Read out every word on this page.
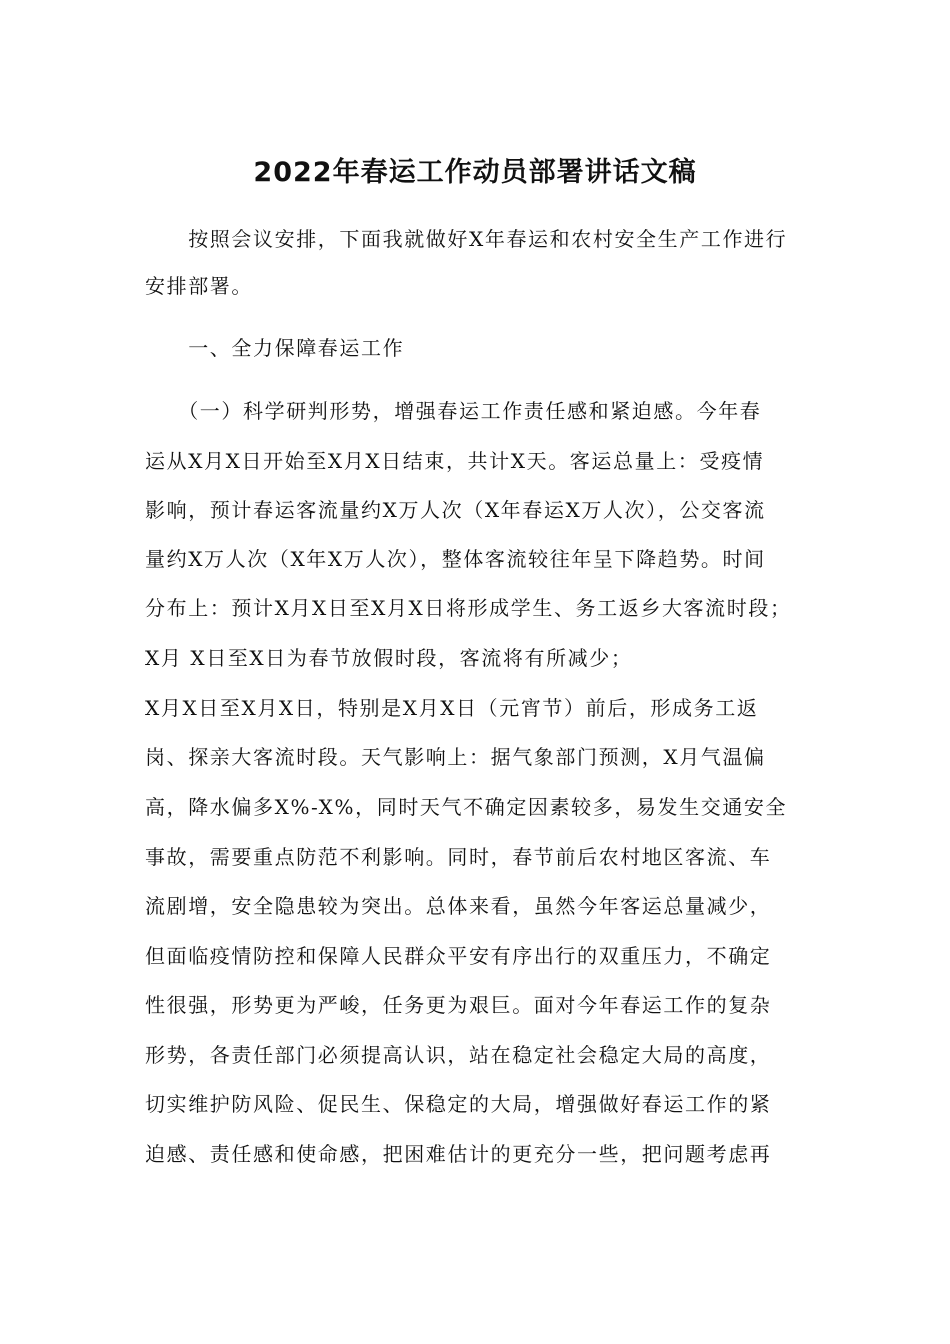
2022年春运工作动员部署讲话文稿

　　按照会议安排，下面我就做好X年春运和农村安全生产工作进行

安排部署。

　　一、全力保障春运工作

　　（一）科学研判形势，增强春运工作责任感和紧迫感。今年春

运从X月X日开始至X月X日结束，共计X天。客运总量上：受疫情

影响，预计春运客流量约X万人次（X年春运X万人次），公交客流

量约X万人次（X年X万人次），整体客流较往年呈下降趋势。时间

分布上：预计X月X日至X月X日将形成学生、务工返乡大客流时段；

X月 X日至X日为春节放假时段，客流将有所减少；

X月X日至X月X日，特别是X月X日（元宵节）前后，形成务工返

岗、探亲大客流时段。天气影响上：据气象部门预测，X月气温偏

高，降水偏多X%-X%，同时天气不确定因素较多，易发生交通安全

事故，需要重点防范不利影响。同时，春节前后农村地区客流、车

流剧增，安全隐患较为突出。总体来看，虽然今年客运总量减少，

但面临疫情防控和保障人民群众平安有序出行的双重压力，不确定

性很强，形势更为严峻，任务更为艰巨。面对今年春运工作的复杂

形势，各责任部门必须提高认识，站在稳定社会稳定大局的高度，

切实维护防风险、促民生、保稳定的大局，增强做好春运工作的紧

迫感、责任感和使命感，把困难估计的更充分一些，把问题考虑再
